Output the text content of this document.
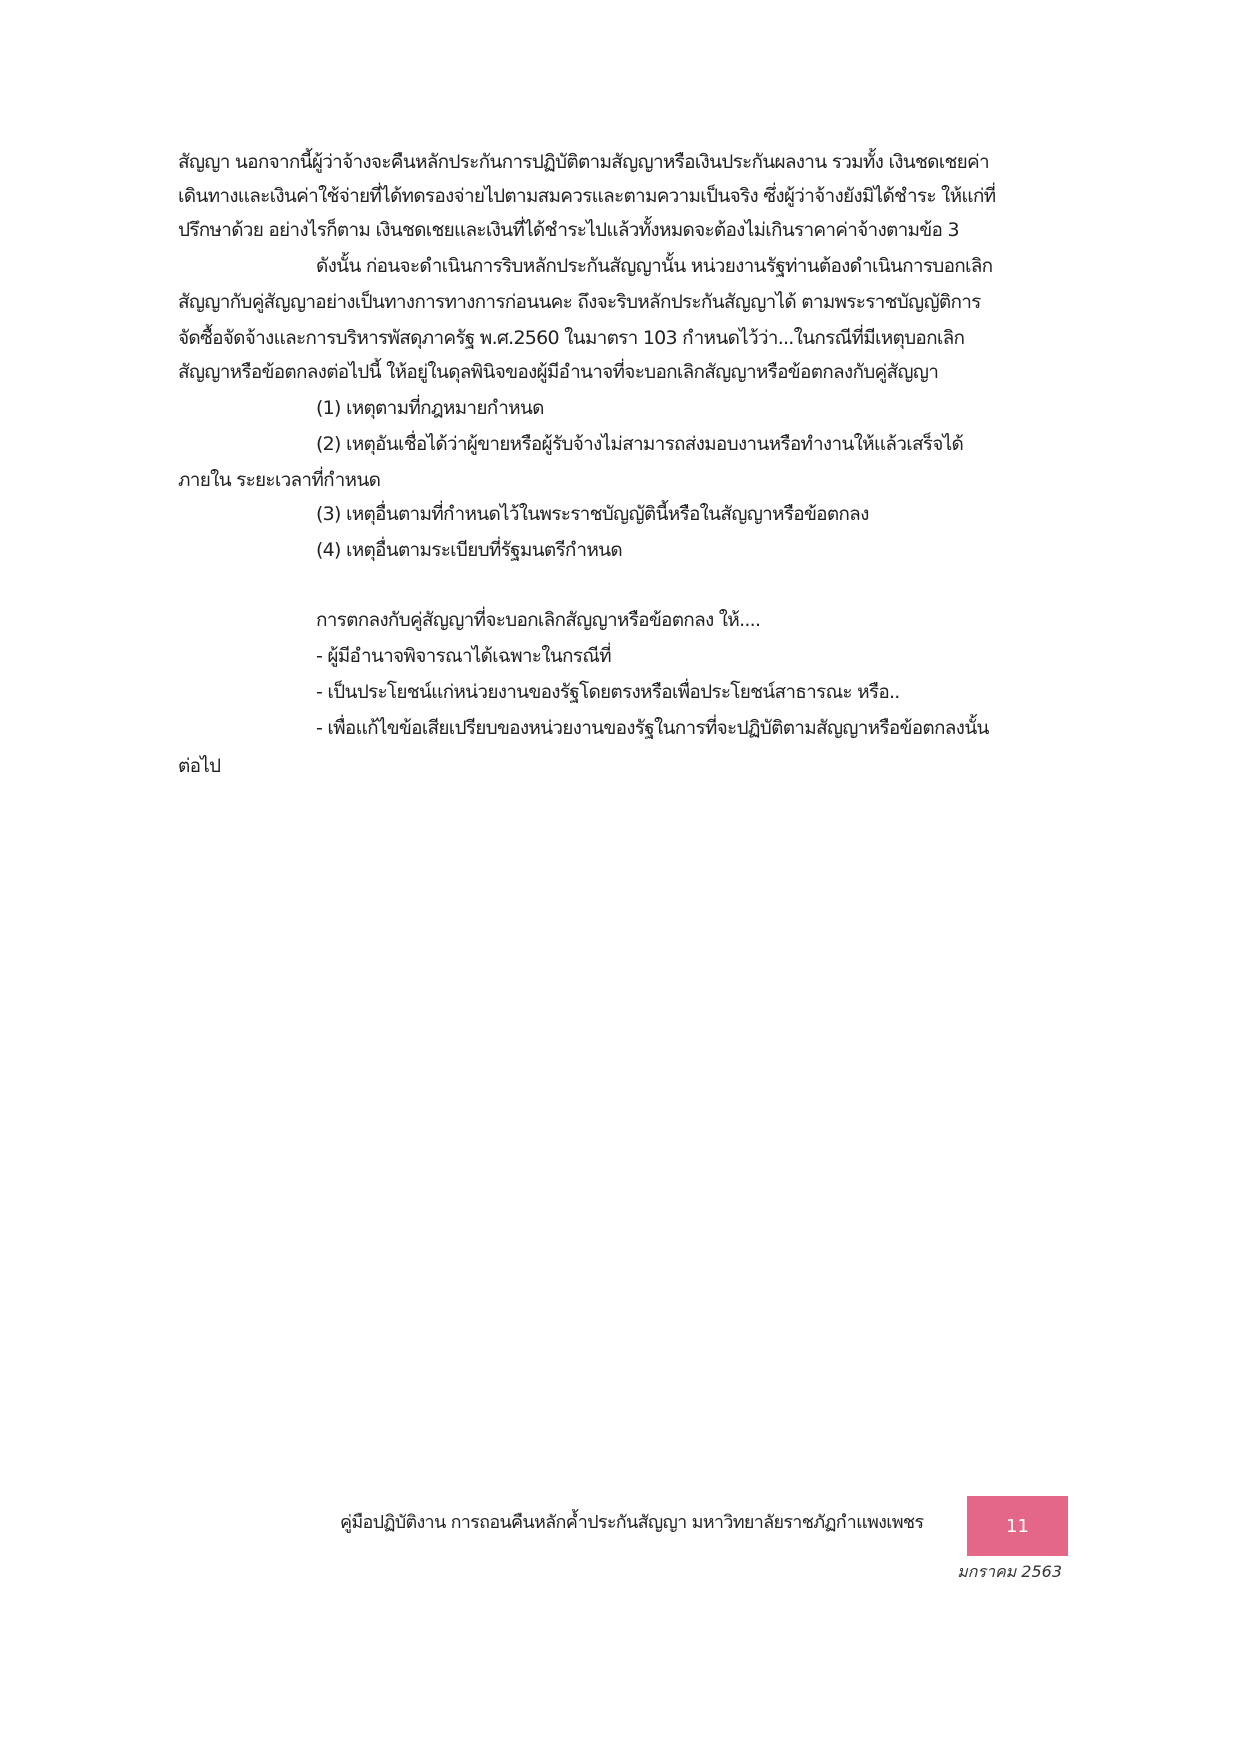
สัญญา นอกจากนี้ผู้ว่าจ้างจะคืนหลักประกันการปฏิบัติตามสัญญาหรือเงินประกันผลงาน รวมทั้ง เงินชดเชยค่า
เดินทางและเงินค่าใช้จ่ายที่ได้ทดรองจ่ายไปตามสมควรและตามความเป็นจริง ซึ่งผู้ว่าจ้างยังมิได้ชำระ ให้แก่ที่
ปรึกษาด้วย อย่างไรก็ตาม เงินชดเชยและเงินที่ได้ชำระไปแล้วทั้งหมดจะต้องไม่เกินราคาค่าจ้างตามข้อ 3
ดังนั้น ก่อนจะดำเนินการริบหลักประกันสัญญานั้น หน่วยงานรัฐท่านต้องดำเนินการบอกเลิก
สัญญากับคู่สัญญาอย่างเป็นทางการทางการก่อนนคะ ถึงจะริบหลักประกันสัญญาได้ ตามพระราชบัญญัติการ
จัดซื้อจัดจ้างและการบริหารพัสดุภาครัฐ พ.ศ.2560 ในมาตรา 103 กำหนดไว้ว่า...ในกรณีที่มีเหตุบอกเลิก
สัญญาหรือข้อตกลงต่อไปนี้ ให้อยู่ในดุลพินิจของผู้มีอำนาจที่จะบอกเลิกสัญญาหรือข้อตกลงกับคู่สัญญา
(1) เหตุตามที่กฎหมายกำหนด
(2) เหตุอันเชื่อได้ว่าผู้ขายหรือผู้รับจ้างไม่สามารถส่งมอบงานหรือทำงานให้แล้วเสร็จได้
ภายใน ระยะเวลาที่กำหนด
(3) เหตุอื่นตามที่กำหนดไว้ในพระราชบัญญัตินี้หรือในสัญญาหรือข้อตกลง
(4) เหตุอื่นตามระเบียบที่รัฐมนตรีกำหนด
การตกลงกับคู่สัญญาที่จะบอกเลิกสัญญาหรือข้อตกลง ให้....
- ผู้มีอำนาจพิจารณาได้เฉพาะในกรณีที่
- เป็นประโยชน์แก่หน่วยงานของรัฐโดยตรงหรือเพื่อประโยชน์สาธารณะ หรือ..
- เพื่อแก้ไขข้อเสียเปรียบของหน่วยงานของรัฐในการที่จะปฏิบัติตามสัญญาหรือข้อตกลงนั้น
ต่อไป
คู่มือปฏิบัติงาน การถอนคืนหลักค้ำประกันสัญญา มหาวิทยาลัยราชภัฏกำแพงเพชร	11
มกราคม 2563
